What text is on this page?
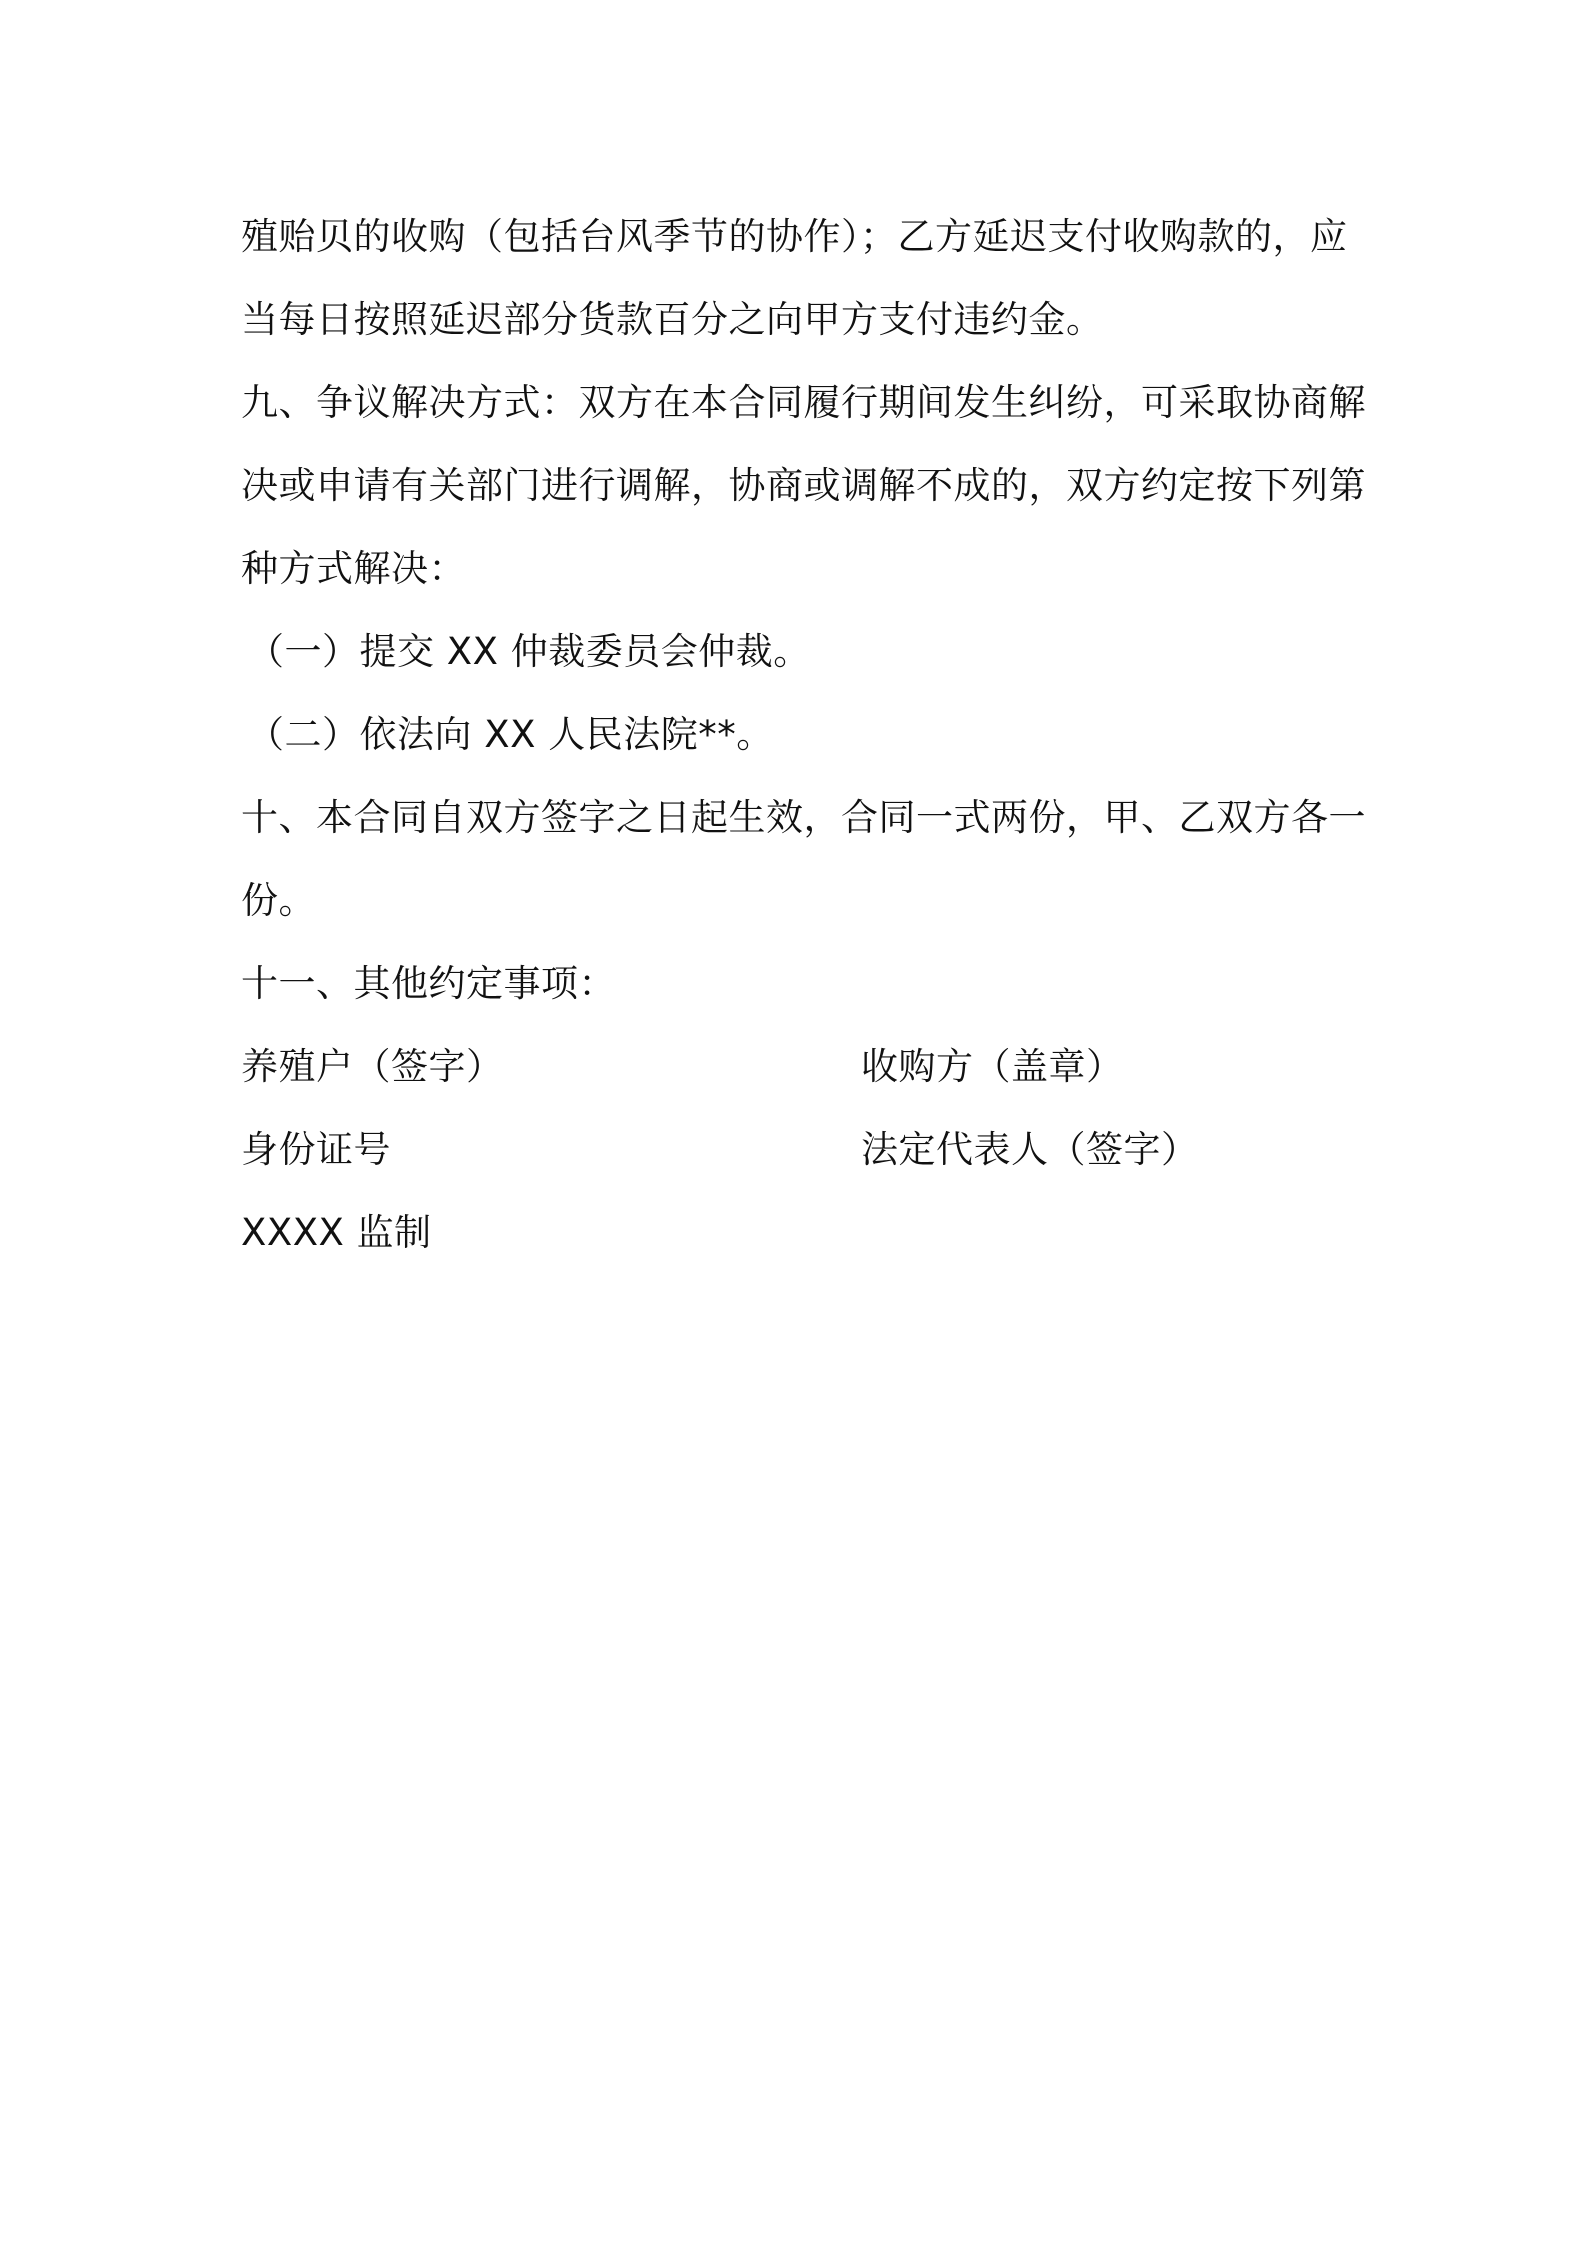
殖贻贝的收购（包括台风季节的协作）；乙方延迟支付收购款的，应
当每日按照延迟部分货款百分之向甲方支付违约金。
九、争议解决方式：双方在本合同履行期间发生纠纷，可采取协商解
决或申请有关部门进行调解，协商或调解不成的，双方约定按下列第
种方式解决：
（一）提交 XX 仲裁委员会仲裁。
（二）依法向 XX 人民法院**。
十、本合同自双方签字之日起生效，合同一式两份，甲、乙双方各一
份。
十一、其他约定事项：
养殖户（签字）	收购方（盖章）
身份证号	法定代表人（签字）
XXXX 监制
